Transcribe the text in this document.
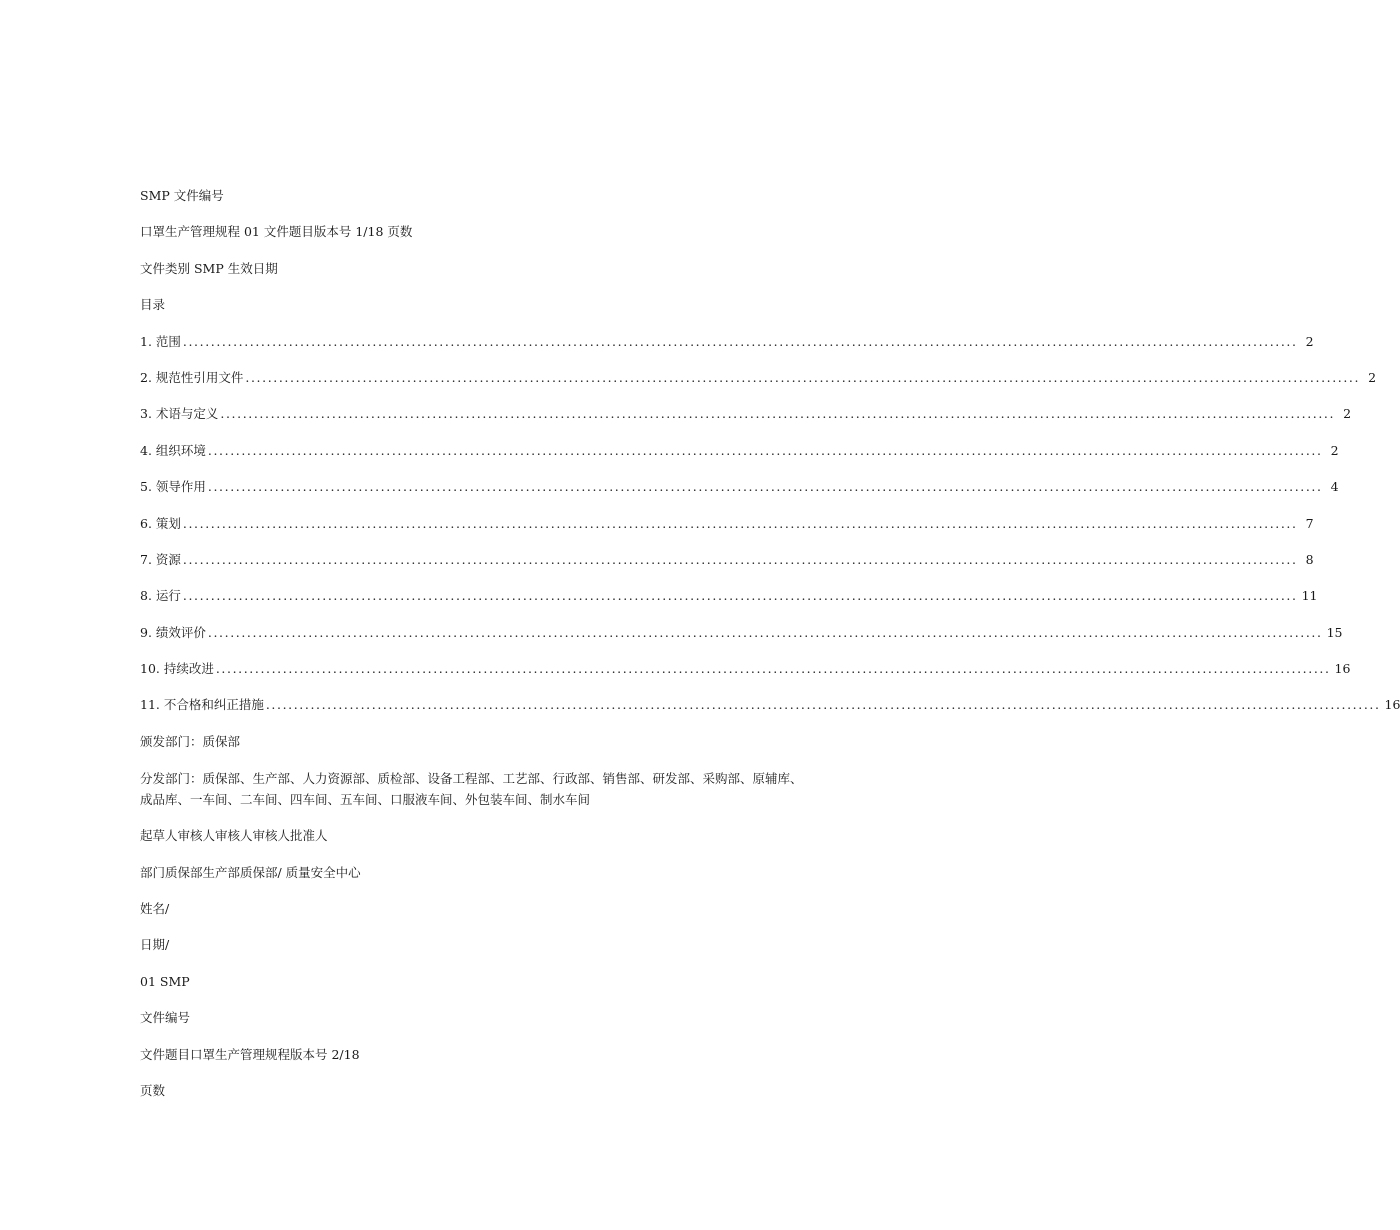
SMP 文件编号
口罩生产管理规程 01 文件题目版本号 1/18 页数
文件类别 SMP 生效日期
目录
1. 范围 ........................................................................................................................................................................................................ 2
2. 规范性引用文件 ........................................................................................................................................................................................................ 2
3. 术语与定义 ........................................................................................................................................................................................................ 2
4. 组织环境 ........................................................................................................................................................................................................ 2
5. 领导作用 ........................................................................................................................................................................................................ 4
6. 策划 ........................................................................................................................................................................................................ 7
7. 资源 ........................................................................................................................................................................................................ 8
8. 运行 ........................................................................................................................................................................................................ 11
9. 绩效评价 ........................................................................................................................................................................................................ 15
10. 持续改进 ........................................................................................................................................................................................................ 16
11. 不合格和纠正措施 ........................................................................................................................................................................................................ 16
颁发部门：质保部
分发部门：质保部、生产部、人力资源部、质检部、设备工程部、工艺部、行政部、销售部、研发部、采购部、原辅库、成品库、一车间、二车间、四车间、五车间、口服液车间、外包装车间、制水车间
起草人审核人审核人审核人批准人
部门质保部生产部质保部/ 质量安全中心
姓名/
日期/
01 SMP
文件编号
文件题目口罩生产管理规程版本号 2/18
页数
